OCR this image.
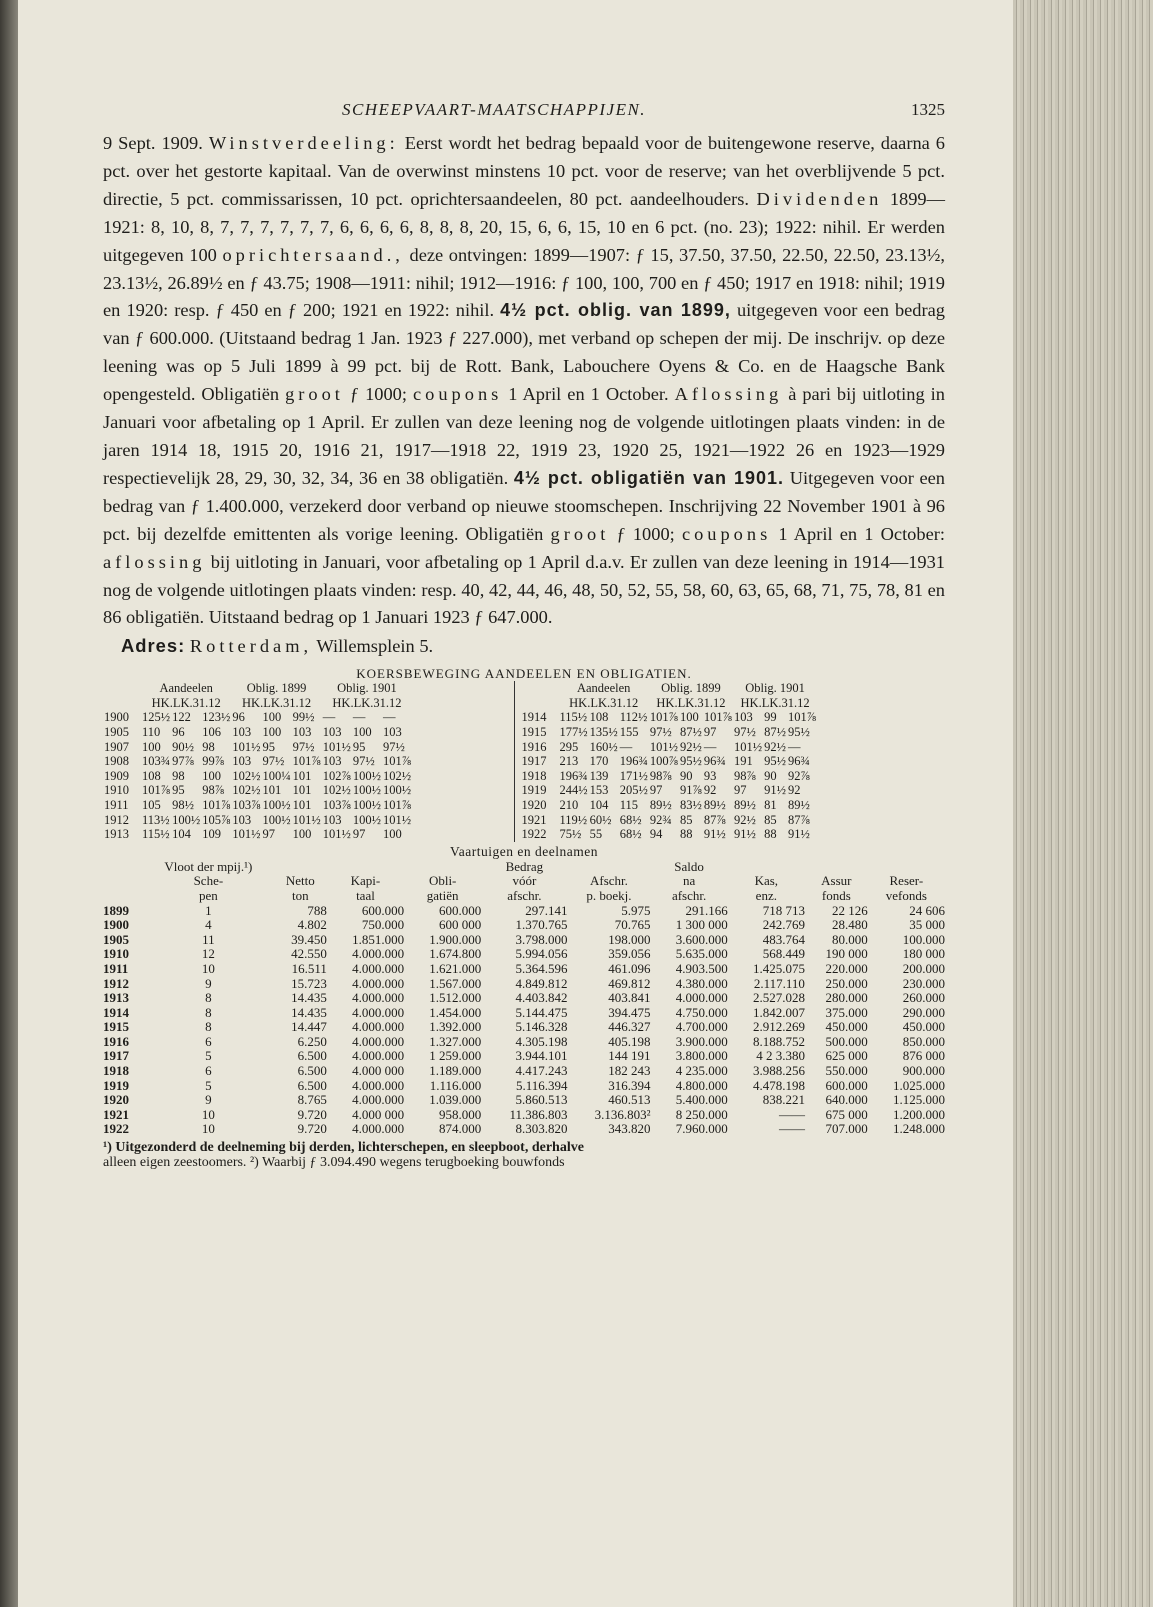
SCHEEPVAART-MAATSCHAPPIJEN.	1325
9 Sept. 1909. Winstverdeeling: Eerst wordt het bedrag bepaald voor de buitengewone reserve, daarna 6 pct. over het gestorte kapitaal. Van de overwinst minstens 10 pct. voor de reserve; van het overblijvende 5 pct. directie, 5 pct. commissarissen, 10 pct. oprichtersaandeelen, 80 pct. aandeelhouders. Dividenden 1899—1921: 8, 10, 8, 7, 7, 7, 7, 7, 7, 6, 6, 6, 6, 8, 8, 8, 20, 15, 6, 6, 15, 10 en 6 pct. (no. 23); 1922: nihil. Er werden uitgegeven 100 oprichtersaand., deze ontvingen: 1899—1907: ƒ 15, 37.50, 37.50, 22.50, 22.50, 23.13½, 23.13½, 26.89½ en ƒ 43.75; 1908—1911: nihil; 1912—1916: ƒ 100, 100, 700 en ƒ 450; 1917 en 1918: nihil; 1919 en 1920: resp. ƒ 450 en ƒ 200; 1921 en 1922: nihil. 4½ pct. oblig. van 1899, uitgegeven voor een bedrag van ƒ 600.000. (Uitstaand bedrag 1 Jan. 1923 ƒ 227.000), met verband op schepen der mij. De inschrijv. op deze leening was op 5 Juli 1899 à 99 pct. bij de Rott. Bank, Labouchere Oyens & Co. en de Haagsche Bank opengesteld. Obligatiën groot ƒ 1000; coupons 1 April en 1 October. Aflossing à pari bij uitloting in Januari voor afbetaling op 1 April. Er zullen van deze leening nog de volgende uitlotingen plaats vinden: in de jaren 1914 18, 1915 20, 1916 21, 1917—1918 22, 1919 23, 1920 25, 1921—1922 26 en 1923—1929 respectievelijk 28, 29, 30, 32, 34, 36 en 38 obligatiën. 4½ pct. obligatiën van 1901. Uitgegeven voor een bedrag van ƒ 1.400.000, verzekerd door verband op nieuwe stoomschepen. Inschrijving 22 November 1901 à 96 pct. bij dezelfde emittenten als vorige leening. Obligatiën groot ƒ 1000; coupons 1 April en 1 October: aflossing bij uitloting in Januari, voor afbetaling op 1 April d.a.v. Er zullen van deze leening in 1914—1931 nog de volgende uitlotingen plaats vinden: resp. 40, 42, 44, 46, 48, 50, 52, 55, 58, 60, 63, 65, 68, 71, 75, 78, 81 en 86 obligatiën. Uitstaand bedrag op 1 Januari 1923 ƒ 647.000.
Adres: Rotterdam, Willemsplein 5.
KOERSBEWEGING AANDEELEN EN OBLIGATIEN.
	Aandeelen			Oblig. 1899			Oblig. 1901		
	HK.LK.31.12			HK.LK.31.12			HK.LK.31.12		
1900	125½	122	123½	96	100	99½	—	—	—
1905	110	96	106	103	100	103	103	100	103
1907	100	90½	98	101½	95	97½	101½	95	97½
1908	103¾	97⅞	99⅞	103	97½	101⅞	103	97½	101⅞
1909	108	98	100	102½	100¼	101	102⅞	100½	102½
1910	101⅞	95	98⅞	102½	101	101	102½	100½	100½
1911	105	98½	101⅞	103⅞	100½	101	103⅞	100½	101⅞
1912	113½	100½	105⅞	103	100½	101½	103	100½	101½
1913	115½	104	109	101½	97	100	101½	97	100
	Aandeelen			Oblig. 1899			Oblig. 1901		
	HK.LK.31.12			HK.LK.31.12			HK.LK.31.12		
1914	115½	108	112½	101⅞	100	101⅞	103	99	101⅞
1915	177½	135½	155	97½	87½	97	97½	87½	95½
1916	295	160½	—	101½	92½	—	101½	92½	—
1917	213	170	196¾	100⅞	95½	96¾	191	95½	96¾
1918	196¾	139	171½	98⅞	90	93	98⅞	90	92⅞
1919	244½	153	205½	97	91⅞	92	97	91½	92
1920	210	104	115	89½	83½	89½	89½	81	89½
1921	119½	60½	68½	92¾	85	87⅞	92½	85	87⅞
1922	75½	55	68½	94	88	91½	91½	88	91½
Vaartuigen en deelnamen
	Vloot der mpij.¹)				Bedrag		Saldo			
	Sche-	Netto	Kapi-	Obli-	vóór	Afschr.	na	Kas,	Assur	Reser-
	pen	ton	taal	gatiën	afschr.	p. boekj.	afschr.	enz.	fonds	vefonds
1899	1	788	600.000	600.000	297.141	5.975	291.166	718 713	22 126	24 606
1900	4	4.802	750.000	600 000	1.370.765	70.765	1 300 000	242.769	28.480	35 000
1905	11	39.450	1.851.000	1.900.000	3.798.000	198.000	3.600.000	483.764	80.000	100.000
1910	12	42.550	4.000.000	1.674.800	5.994.056	359.056	5.635.000	568.449	190 000	180 000
1911	10	16.511	4.000.000	1.621.000	5.364.596	461.096	4.903.500	1.425.075	220.000	200.000
1912	9	15.723	4.000.000	1.567.000	4.849.812	469.812	4.380.000	2.117.110	250.000	230.000
1913	8	14.435	4.000.000	1.512.000	4.403.842	403.841	4.000.000	2.527.028	280.000	260.000
1914	8	14.435	4.000.000	1.454.000	5.144.475	394.475	4.750.000	1.842.007	375.000	290.000
1915	8	14.447	4.000.000	1.392.000	5.146.328	446.327	4.700.000	2.912.269	450.000	450.000
1916	6	6.250	4.000.000	1.327.000	4.305.198	405.198	3.900.000	8.188.752	500.000	850.000
1917	5	6.500	4.000.000	1 259.000	3.944.101	144 191	3.800.000	4 2 3.380	625 000	876 000
1918	6	6.500	4.000 000	1.189.000	4.417.243	182 243	4 235.000	3.988.256	550.000	900.000
1919	5	6.500	4.000.000	1.116.000	5.116.394	316.394	4.800.000	4.478.198	600.000	1.025.000
1920	9	8.765	4.000.000	1.039.000	5.860.513	460.513	5.400.000	838.221	640.000	1.125.000
1921	10	9.720	4.000 000	958.000	11.386.803	3.136.803²	8 250.000	——	675 000	1.200.000
1922	10	9.720	4.000.000	874.000	8.303.820	343.820	7.960.000	——	707.000	1.248.000
¹) Uitgezonderd de deelneming bij derden, lichterschepen, en sleepboot, derhalve
alleen eigen zeestoomers. ²) Waarbij ƒ 3.094.490 wegens terugboeking bouwfonds
